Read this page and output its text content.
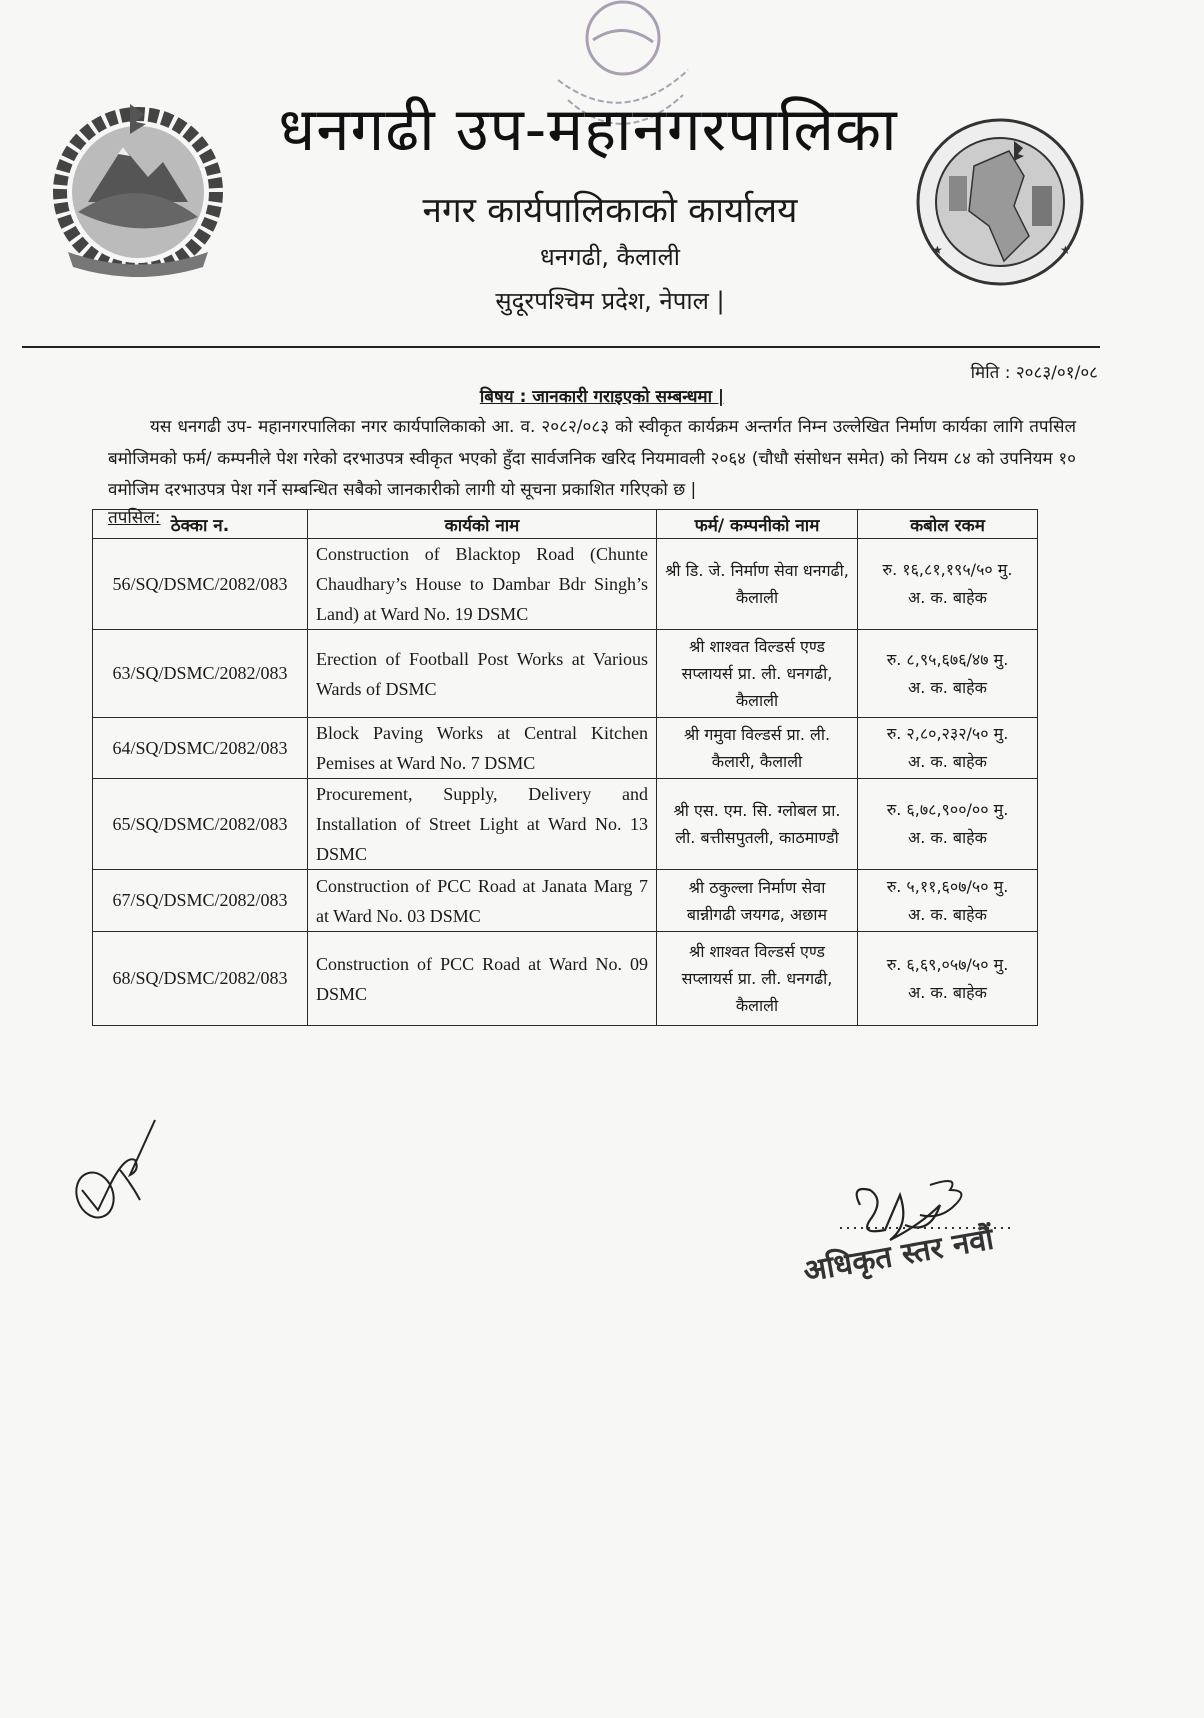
★	★
धनगढी उप-महानगरपालिका
नगर कार्यपालिकाको कार्यालय
धनगढी, कैलाली
सुदूरपश्चिम प्रदेश, नेपाल |
मिति : २०८३/०१/०८
बिषय : जानकारी गराइएको सम्बन्धमा |

यस धनगढी उप- महानगरपालिका नगर कार्यपालिकाको आ. व. २०८२/०८३ को स्वीकृत कार्यक्रम अन्तर्गत निम्न उल्लेखित निर्माण कार्यका लागि तपसिल बमोजिमको फर्म/ कम्पनीले पेश गरेको दरभाउपत्र स्वीकृत भएको हुँदा सार्वजनिक खरिद नियमावली २०६४ (चौधौ संसोधन समेत) को नियम ८४ को उपनियम १० वमोजिम दरभाउपत्र पेश गर्ने सम्बन्धित सबैको जानकारीको लागी यो सूचना प्रकाशित गरिएको छ |

तपसिल: ठेक्का न.	कार्यको नाम	फर्म/ कम्पनीको नाम	कबोल रकम
56/SQ/DSMC/2082/083	Construction of Blacktop Road (Chunte Chaudhary’s House to Dambar Bdr Singh’s Land) at Ward No. 19 DSMC	श्री डि. जे. निर्माण सेवा धनगढी, कैलाली	रु. १६,८१,१९५/५० मु.
अ. क. बाहेक

63/SQ/DSMC/2082/083	Erection of Football Post Works at Various Wards of DSMC	श्री शाश्वत विल्डर्स एण्ड सप्लायर्स प्रा. ली. धनगढी, कैलाली	रु. ८,९५,६७६/४७ मु.
अ. क. बाहेक

64/SQ/DSMC/2082/083	Block Paving Works at Central Kitchen Pemises at Ward No. 7 DSMC	श्री गमुवा विल्डर्स प्रा. ली. कैलारी, कैलाली	रु. २,८०,२३२/५० मु.
अ. क. बाहेक

65/SQ/DSMC/2082/083	Procurement, Supply, Delivery and Installation of Street Light at Ward No. 13 DSMC	श्री एस. एम. सि. ग्लोबल प्रा. ली. बत्तीसपुतली, काठमाण्डौ	रु. ६,७८,९००/०० मु.
अ. क. बाहेक

67/SQ/DSMC/2082/083	Construction of PCC Road at Janata Marg 7 at Ward No. 03 DSMC	श्री ठकुल्ला निर्माण सेवा बान्नीगढी जयगढ, अछाम	रु. ५,११,६०७/५० मु.
अ. क. बाहेक

68/SQ/DSMC/2082/083	Construction of PCC Road at Ward No. 09 DSMC	श्री शाश्वत विल्डर्स एण्ड सप्लायर्स प्रा. ली. धनगढी, कैलाली	रु. ६,६९,०५७/५० मु.
अ. क. बाहेक
अधिकृत स्तर नवौं
